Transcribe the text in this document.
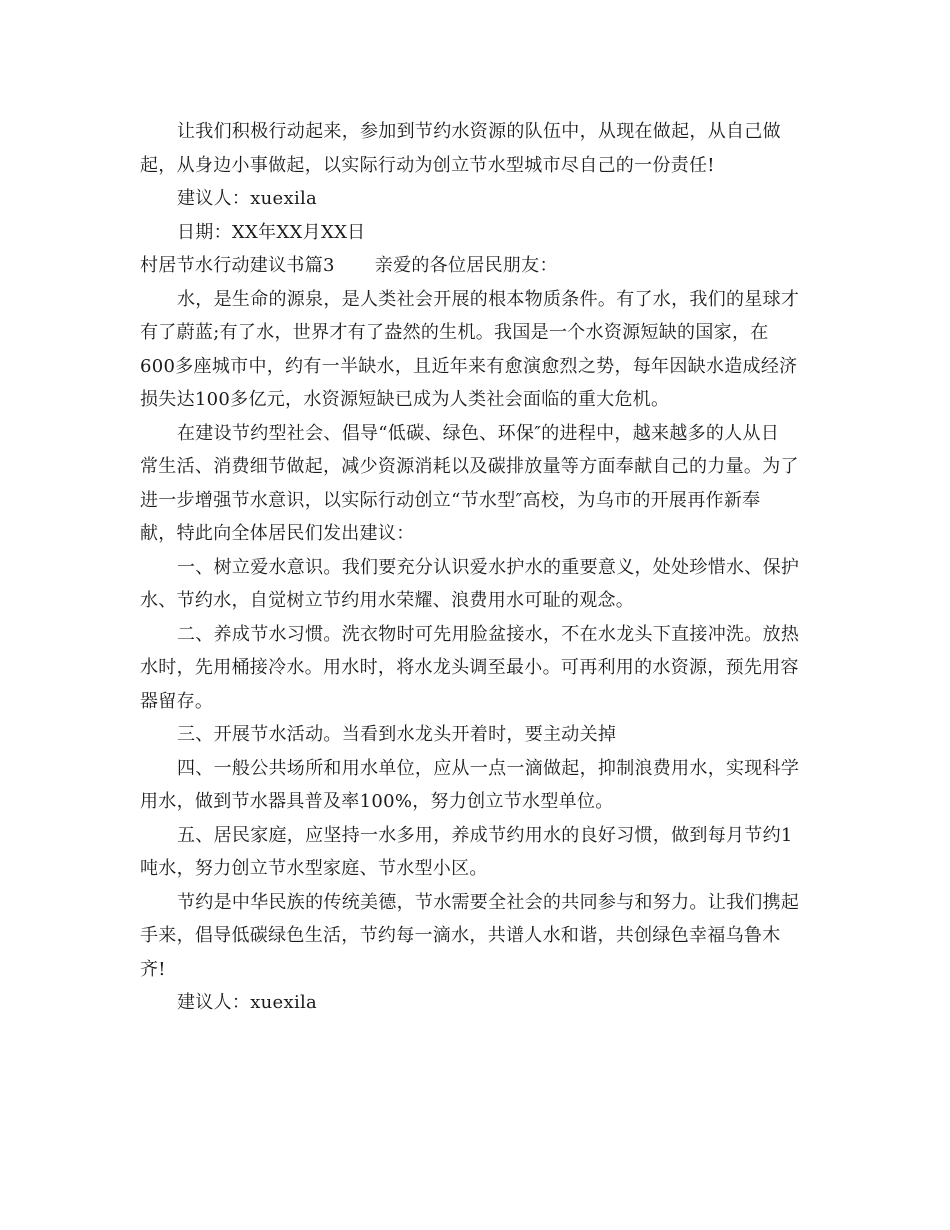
让我们积极行动起来，参加到节约水资源的队伍中，从现在做起，从自己做
起，从身边小事做起，以实际行动为创立节水型城市尽自己的一份责任!
建议人：xuexila
日期：XX年XX月XX日
村居节水行动建议书篇3 亲爱的各位居民朋友：
水，是生命的源泉，是人类社会开展的根本物质条件。有了水，我们的星球才
有了蔚蓝;有了水，世界才有了盎然的生机。我国是一个水资源短缺的国家，在
600多座城市中，约有一半缺水，且近年来有愈演愈烈之势，每年因缺水造成经济
损失达100多亿元，水资源短缺已成为人类社会面临的重大危机。
在建设节约型社会、倡导“低碳、绿色、环保″的进程中，越来越多的人从日
常生活、消费细节做起，减少资源消耗以及碳排放量等方面奉献自己的力量。为了
进一步增强节水意识，以实际行动创立“节水型″高校，为乌市的开展再作新奉
献，特此向全体居民们发出建议：
一、树立爱水意识。我们要充分认识爱水护水的重要意义，处处珍惜水、保护
水、节约水，自觉树立节约用水荣耀、浪费用水可耻的观念。
二、养成节水习惯。洗衣物时可先用脸盆接水，不在水龙头下直接冲洗。放热
水时，先用桶接冷水。用水时，将水龙头调至最小。可再利用的水资源，预先用容
器留存。
三、开展节水活动。当看到水龙头开着时，要主动关掉
四、一般公共场所和用水单位，应从一点一滴做起，抑制浪费用水，实现科学
用水，做到节水器具普及率100%，努力创立节水型单位。
五、居民家庭，应坚持一水多用，养成节约用水的良好习惯，做到每月节约1
吨水，努力创立节水型家庭、节水型小区。
节约是中华民族的传统美德，节水需要全社会的共同参与和努力。让我们携起
手来，倡导低碳绿色生活，节约每一滴水，共谱人水和谐，共创绿色幸福乌鲁木
齐!
建议人：xuexila
